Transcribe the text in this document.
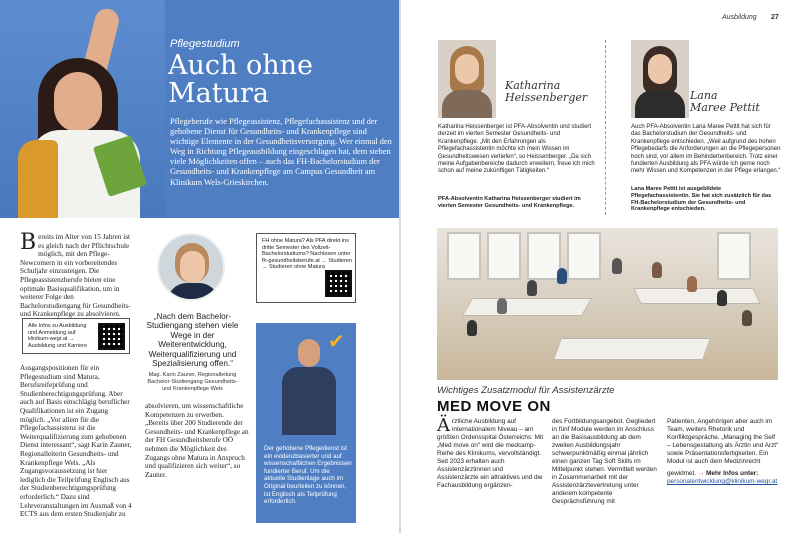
Pflegestudium
Auch ohne
Matura

Pflegeberufe wie Pflegeassistenz, Pflegefachassistenz und der gehobene Dienst für Gesundheits- und Krankenpflege sind wichtige Elemente in der Gesundheitsversorgung. Wer einmal den Weg in Richtung Pflegeausbildung eingeschlagen hat, dem stehen viele Möglichkeiten offen – auch das FH-Bachelorstudium der Gesundheits- und Krankenpflege am Campus Gesundheit am Klinikum Wels-Grieskirchen.

Bereits im Alter von 15 Jahren ist es gleich nach der Pflichtschule möglich, mit den Pflege-Newcomern in ein vorbereitendes Schuljahr einzusteigen. Die Pflegeassistenzberufe bieten eine optimale Basisqualifikation, um in weiterer Folge den Bachelorstudiengang für Gesundheits- und Krankenpflege zu absolvieren.
Alle Infos zu Ausbildung und Anmeldung auf klinikum-wegr.at → Ausbildung und Karriere
Ausgangspositionen für ein Pflegestudium sind Matura, Berufsreifeprüfung und Studienberechtigungsprüfung. Aber auch auf Basis einschlägig beruflicher Qualifikationen ist ein Zugang möglich. „Vor allem für die Pflegefachassistenz ist die Weiterqualifizierung zum gehobenen Dienst interessant“, sagt Karin Zauner, Regionalleiterin Gesundheits- und Krankenpflege Wels. „Als Zugangsvoraussetzung ist hier lediglich die Teilprüfung Englisch aus der Studienberechtigungsprüfung erforderlich.“ Dazu sind Lehrveranstaltungen im Ausmaß von 4 ECTS aus dem ersten Studienjahr zu
„Nach dem Bachelor-Studiengang stehen viele Wege in der Weiterentwicklung, Weiterqualifizierung und Spezialisierung offen.“
Mag. Karin Zauner, Regionalleitung Bachelor-Studiengang Gesundheits- und Krankenpflege Wels
absolvieren, um wissenschaftliche Kompetenzen zu erwerben. „Bereits über 200 Studierende der Gesundheits- und Krankenpflege an der FH Gesundheitsberufe OÖ nehmen die Möglichkeit des Zugangs ohne Matura in Anspruch und qualifizieren sich weiter“, so Zauner.
FH ohne Matura? Als PFA direkt ins dritte Semester des Vollzeit-Bachelorstudiums? Nachlesen unter fh-gesundheitsberufe.at → Studieren → Studieren ohne Matura
✔
Der gehobene Pflegedienst ist ein evidenzbasierter und auf wissenschaftlichen Ergebnissen fundierter Beruf. Um die aktuelle Studienlage auch im Original beurteilen zu können, ist Englisch als Teilprüfung erforderlich.
Ausbildung 27
Katharina
Heissenberger
Katharina Heissenberger ist PFA-Absolventin und studiert derzeit im vierten Semester Gesundheits- und Krankenpflege. „Mit den Erfahrungen als Pflegefachassistentin möchte ich mein Wissen im Gesundheitswesen vertiefen“, so Heissenberger. „Da sich meine Aufgabenbereiche dadurch erweitern, freue ich mich schon auf meine zukünftigen Tätigkeiten.“
PFA-Absolventin Katharina Heissenberger studiert im vierten Semester Gesundheits- und Krankenpflege.
Lana
Maree Pettit
Auch PFA-Absolventin Lana Maree Pettit hat sich für das Bachelorstudium der Gesundheits- und Krankenpflege entschieden. „Weil aufgrund des hohen Pflegebedarfs die Anforderungen an die Pflegepersonen hoch sind, vor allem im Behindertenbereich. Trotz einer fundierten Ausbildung als PFA würde ich gerne noch mehr Wissen und Kompetenzen in der Pflege erlangen.“
Lana Maree Pettit ist ausgebildete Pflegefachassistentin. Sie hat sich zusätzlich für das FH-Bachelorstudium der Gesundheits- und Krankenpflege entschieden.
Wichtiges Zusatzmodul für Assistenzärzte
MED MOVE ON
Ärztliche Ausbildung auf internationalem Niveau – am größten Ordensspital Österreichs: Mit „Med move on“ wird die medcamp-Reihe des Klinikums, vervollständigt. Seit 2023 erhalten auch Assistenzärztinnen und Assistenzärzte ein attraktives und die Fachausbildung ergänzen-
des Fortbildungsangebot. Gegliedert in fünf Module werden im Anschluss an die Basisausbildung ab dem zweiten Ausbildungsjahr schwerpunktmäßig einmal jährlich einen ganzen Tag Soft Skills im Mittelpunkt stehen. Vermittelt werden in Zusammenarbeit mit der Assistenzärztevertretung unter anderem kompetente Gesprächsführung mit
Patienten, Angehörigen aber auch im Team, weiters Rhetorik und Konfliktgespräche. „Managing the Self – Lebensgestaltung als Ärztin und Arzt“ sowie Präsentationsfertigkeiten. Ein Modul ist auch dem Medizinrecht gewidmet. → Mehr Infos unter:
personalentwicklung@klinikum-wegr.at
